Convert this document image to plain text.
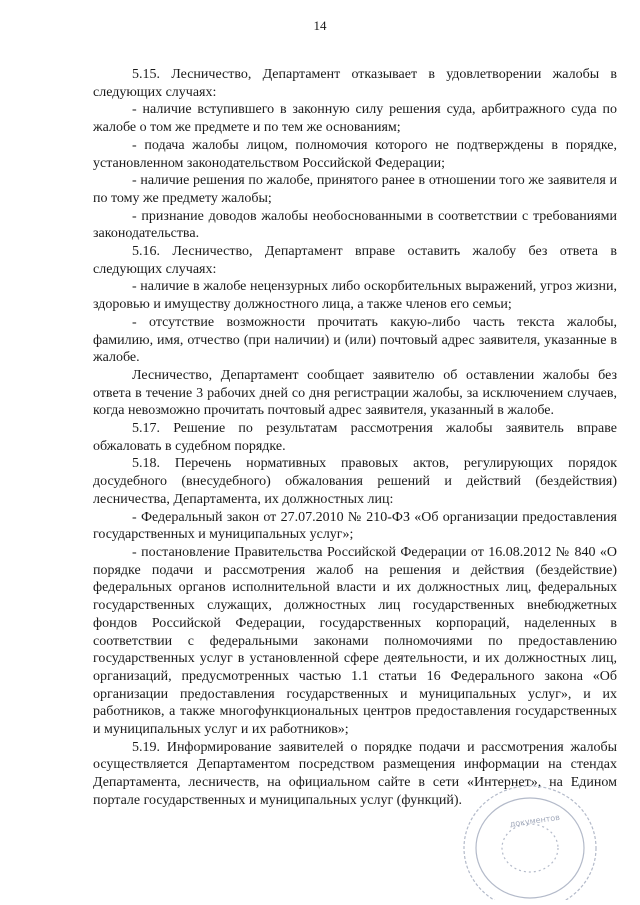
14

5.15. Лесничество, Департамент отказывает в удовлетворении жалобы в следующих случаях:

- наличие вступившего в законную силу решения суда, арбитражного суда по жалобе о том же предмете и по тем же основаниям;

- подача жалобы лицом, полномочия которого не подтверждены в порядке, установленном законодательством Российской Федерации;

- наличие решения по жалобе, принятого ранее в отношении того же заявителя и по тому же предмету жалобы;

- признание доводов жалобы необоснованными в соответствии с требованиями законодательства.

5.16. Лесничество, Департамент вправе оставить жалобу без ответа в следующих случаях:

- наличие в жалобе нецензурных либо оскорбительных выражений, угроз жизни, здоровью и имуществу должностного лица, а также членов его семьи;

- отсутствие возможности прочитать какую-либо часть текста жалобы, фамилию, имя, отчество (при наличии) и (или) почтовый адрес заявителя, указанные в жалобе.

Лесничество, Департамент сообщает заявителю об оставлении жалобы без ответа в течение 3 рабочих дней со дня регистрации жалобы, за исключением случаев, когда невозможно прочитать почтовый адрес заявителя, указанный в жалобе.

5.17. Решение по результатам рассмотрения жалобы заявитель вправе обжаловать в судебном порядке.

5.18. Перечень нормативных правовых актов, регулирующих порядок досудебного (внесудебного) обжалования решений и действий (бездействия) лесничества, Департамента, их должностных лиц:

- Федеральный закон от 27.07.2010 № 210-ФЗ «Об организации предоставления государственных и муниципальных услуг»;

- постановление Правительства Российской Федерации от 16.08.2012 № 840 «О порядке подачи и рассмотрения жалоб на решения и действия (бездействие) федеральных органов исполнительной власти и их должностных лиц, федеральных государственных служащих, должностных лиц государственных внебюджетных фондов Российской Федерации, государственных корпораций, наделенных в соответствии с федеральными законами полномочиями по предоставлению государственных услуг в установленной сфере деятельности, и их должностных лиц, организаций, предусмотренных частью 1.1 статьи 16 Федерального закона «Об организации предоставления государственных и муниципальных услуг», и их работников, а также многофункциональных центров предоставления государственных и муниципальных услуг и их работников»;

5.19. Информирование заявителей о порядке подачи и рассмотрения жалобы осуществляется Департаментом посредством размещения информации на стендах Департамента, лесничеств, на официальном сайте в сети «Интернет», на Едином портале государственных и муниципальных услуг (функций).

документов
